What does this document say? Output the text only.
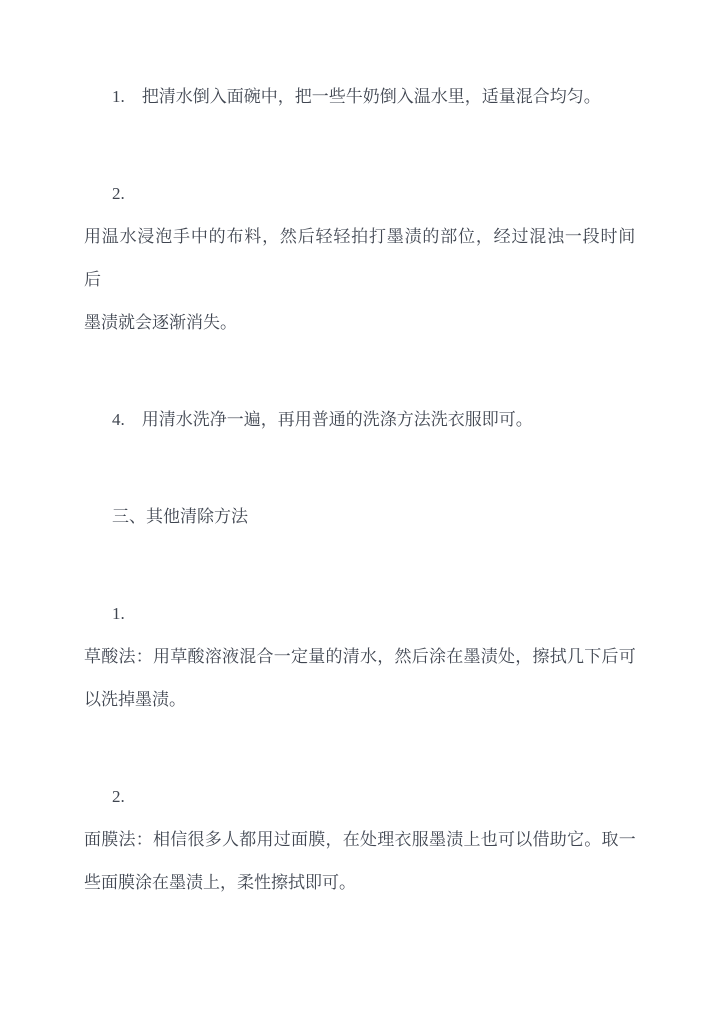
1.　把清水倒入面碗中，把一些牛奶倒入温水里，适量混合均匀。
2.
用温水浸泡手中的布料，然后轻轻拍打墨渍的部位，经过混浊一段时间后
墨渍就会逐渐消失。
4.　用清水洗净一遍，再用普通的洗涤方法洗衣服即可。
三、其他清除方法
1.
草酸法：用草酸溶液混合一定量的清水，然后涂在墨渍处，擦拭几下后可
以洗掉墨渍。
2.
面膜法：相信很多人都用过面膜，在处理衣服墨渍上也可以借助它。取一
些面膜涂在墨渍上，柔性擦拭即可。
